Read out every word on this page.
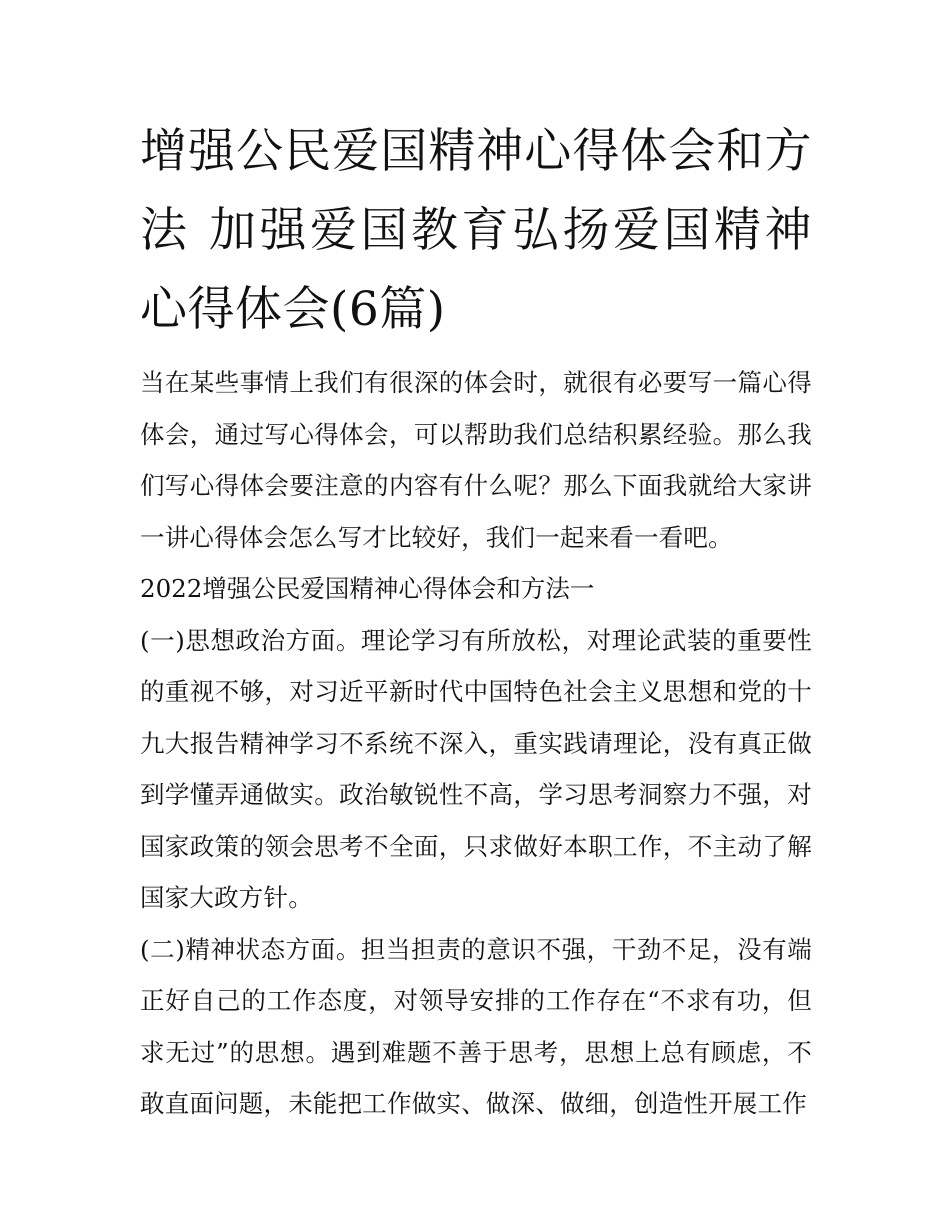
增强公民爱国精神心得体会和方法 加强爱国教育弘扬爱国精神心得体会(6篇)

当在某些事情上我们有很深的体会时，就很有必要写一篇心得体会，通过写心得体会，可以帮助我们总结积累经验。那么我们写心得体会要注意的内容有什么呢？那么下面我就给大家讲一讲心得体会怎么写才比较好，我们一起来看一看吧。

2022增强公民爱国精神心得体会和方法一

(一)思想政治方面。理论学习有所放松，对理论武装的重要性的重视不够，对习近平新时代中国特色社会主义思想和党的十九大报告精神学习不系统不深入，重实践请理论，没有真正做到学懂弄通做实。政治敏锐性不高，学习思考洞察力不强，对国家政策的领会思考不全面，只求做好本职工作，不主动了解国家大政方针。

(二)精神状态方面。担当担责的意识不强，干劲不足，没有端正好自己的工作态度，对领导安排的工作存在“不求有功，但求无过”的思想。遇到难题不善于思考，思想上总有顾虑，不敢直面问题，未能把工作做实、做深、做细，创造性开展工作
